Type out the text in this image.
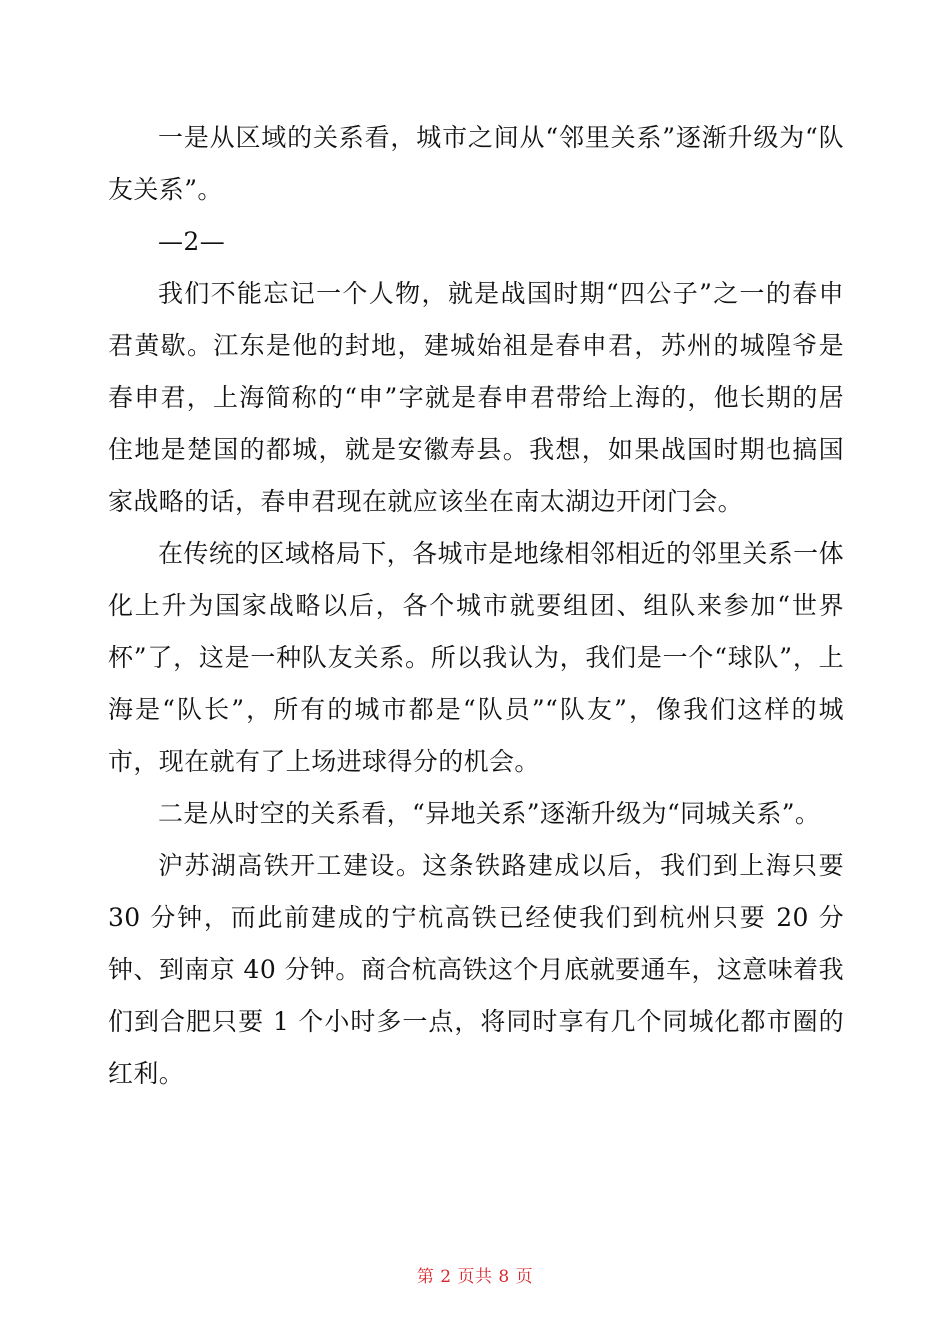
一是从区域的关系看，城市之间从“邻里关系”逐渐升级为“队友关系”。

—2—

我们不能忘记一个人物，就是战国时期“四公子”之一的春申君黄歇。江东是他的封地，建城始祖是春申君，苏州的城隍爷是春申君，上海简称的“申”字就是春申君带给上海的，他长期的居住地是楚国的都城，就是安徽寿县。我想，如果战国时期也搞国家战略的话，春申君现在就应该坐在南太湖边开闭门会。

在传统的区域格局下，各城市是地缘相邻相近的邻里关系一体化上升为国家战略以后，各个城市就要组团、组队来参加“世界杯”了，这是一种队友关系。所以我认为，我们是一个“球队”，上海是“队长”，所有的城市都是“队员”“队友”，像我们这样的城市，现在就有了上场进球得分的机会。

二是从时空的关系看，“异地关系”逐渐升级为“同城关系”。

沪苏湖高铁开工建设。这条铁路建成以后，我们到上海只要 30 分钟，而此前建成的宁杭高铁已经使我们到杭州只要 20 分钟、到南京 40 分钟。商合杭高铁这个月底就要通车，这意味着我们到合肥只要 1 个小时多一点，将同时享有几个同城化都市圈的红利。

第 2 页共 8 页
